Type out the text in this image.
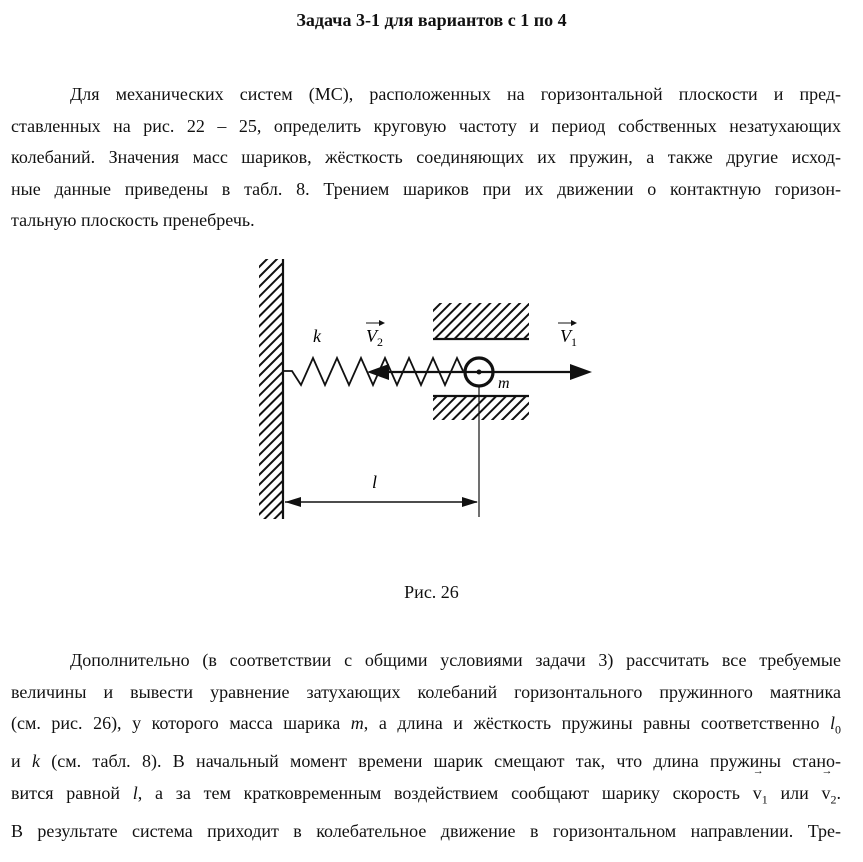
Задача 3-1 для вариантов с 1 по 4
Для механических систем (МС), расположенных на горизонтальной плоскости и пред-
ставленных на рис. 22 – 25, определить круговую частоту и период собственных незатухающих
колебаний. Значения масс шариков, жёсткость соединяющих их пружин, а также другие исход-
ные данные приведены в табл. 8. Трением шариков при их движении о контактную горизон-
тальную плоскость пренебречь.
k	$V_2$	$V_1$
m
l
Рис. 26
Дополнительно (в соответствии с общими условиями задачи 3) рассчитать все требуемые
величины и вывести уравнение затухающих колебаний горизонтального пружинного маятника
(см. рис. 26), у которого масса шарика m, а длина и жёсткость пружины равны соответственно $l_0$
и k (см. табл. 8). В начальный момент времени шарик смещают так, что длина пружины стано-
вится равной l, а за тем кратковременным воздействием сообщают шарику скорость → $v_1$ или → $v_2$.
В результате система приходит в колебательное движение в горизонтальном направлении. Тре-
